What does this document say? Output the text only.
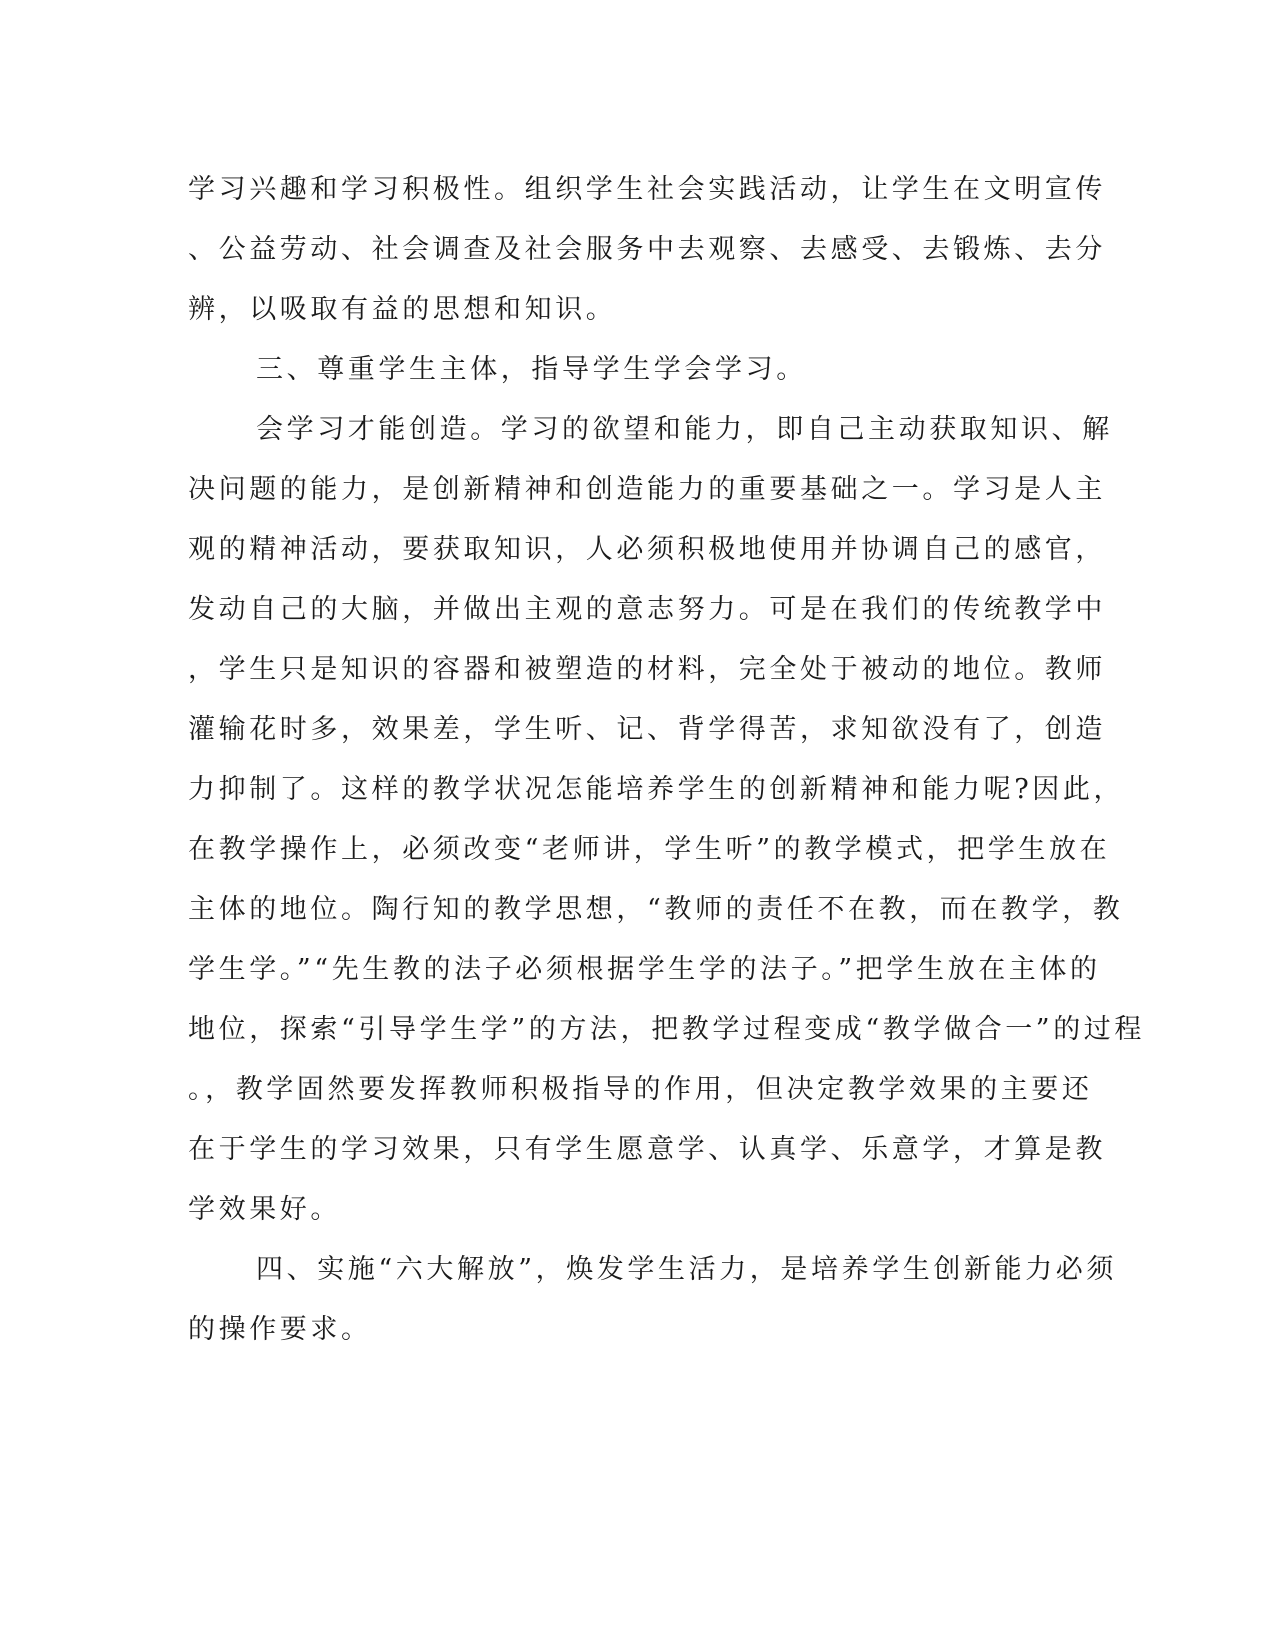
学习兴趣和学习积极性。组织学生社会实践活动，让学生在文明宣传
、公益劳动、社会调查及社会服务中去观察、去感受、去锻炼、去分
辨，以吸取有益的思想和知识。
三、尊重学生主体，指导学生学会学习。
会学习才能创造。学习的欲望和能力，即自己主动获取知识、解
决问题的能力，是创新精神和创造能力的重要基础之一。学习是人主
观的精神活动，要获取知识，人必须积极地使用并协调自己的感官，
发动自己的大脑，并做出主观的意志努力。可是在我们的传统教学中
，学生只是知识的容器和被塑造的材料，完全处于被动的地位。教师
灌输花时多，效果差，学生听、记、背学得苦，求知欲没有了，创造
力抑制了。这样的教学状况怎能培养学生的创新精神和能力呢?因此，
在教学操作上，必须改变“老师讲，学生听”的教学模式，把学生放在
主体的地位。陶行知的教学思想，“教师的责任不在教，而在教学，教
学生学。”“先生教的法子必须根据学生学的法子。”把学生放在主体的
地位，探索“引导学生学”的方法，把教学过程变成“教学做合一”的过程
。，教学固然要发挥教师积极指导的作用，但决定教学效果的主要还
在于学生的学习效果，只有学生愿意学、认真学、乐意学，才算是教
学效果好。
四、实施“六大解放”，焕发学生活力，是培养学生创新能力必须
的操作要求。
